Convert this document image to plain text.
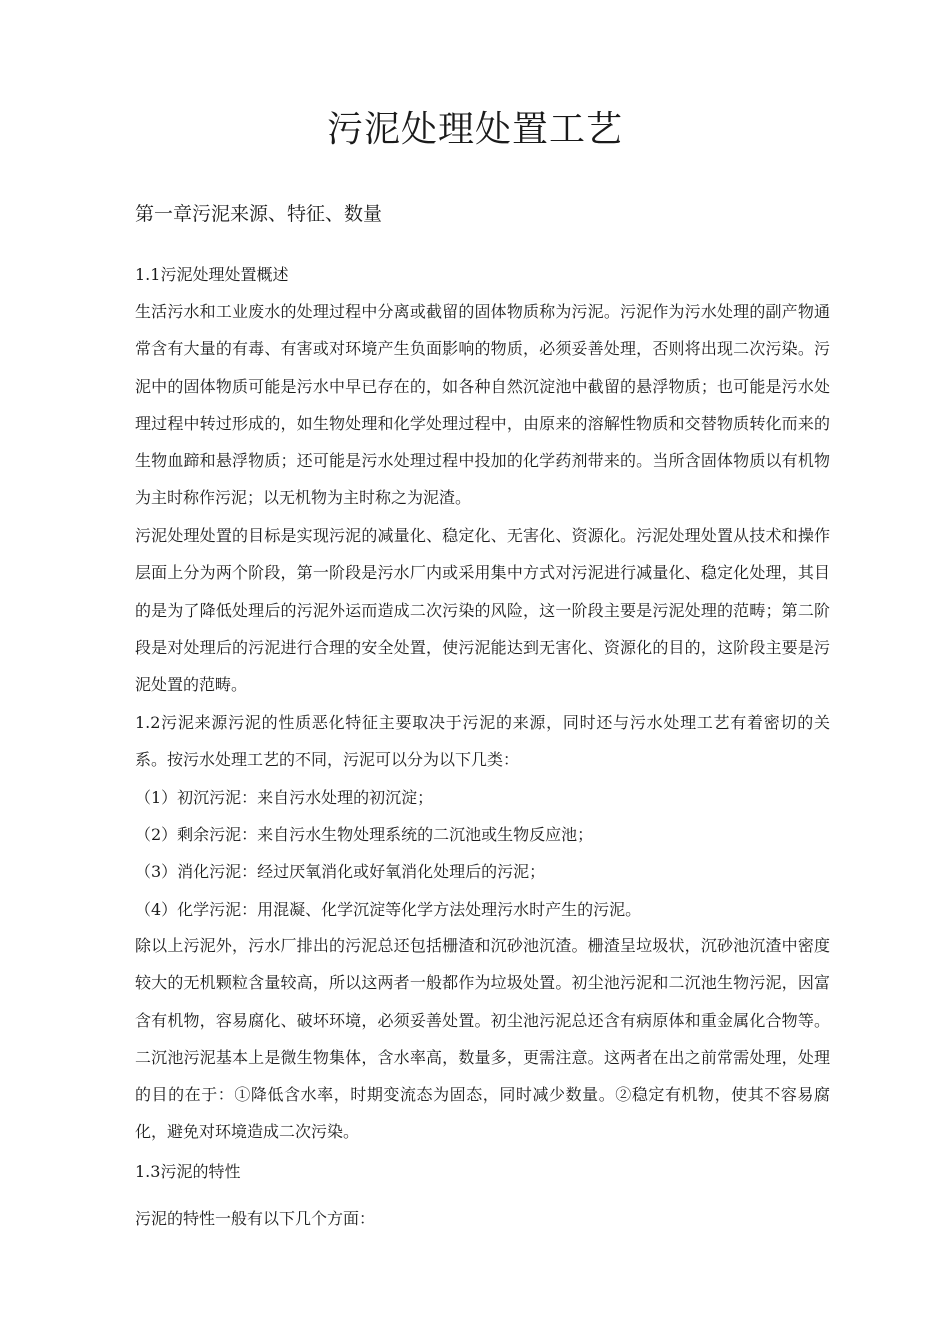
污泥处理处置工艺
第一章污泥来源、特征、数量
1.1污泥处理处置概述

生活污水和工业废水的处理过程中分离或截留的固体物质称为污泥。污泥作为污水处理的副产物通常含有大量的有毒、有害或对环境产生负面影响的物质，必须妥善处理，否则将出现二次污染。污泥中的固体物质可能是污水中早已存在的，如各种自然沉淀池中截留的悬浮物质；也可能是污水处理过程中转过形成的，如生物处理和化学处理过程中，由原来的溶解性物质和交替物质转化而来的生物血蹄和悬浮物质；还可能是污水处理过程中投加的化学药剂带来的。当所含固体物质以有机物为主时称作污泥；以无机物为主时称之为泥渣。

污泥处理处置的目标是实现污泥的减量化、稳定化、无害化、资源化。污泥处理处置从技术和操作层面上分为两个阶段，第一阶段是污水厂内或采用集中方式对污泥进行减量化、稳定化处理，其目的是为了降低处理后的污泥外运而造成二次污染的风险，这一阶段主要是污泥处理的范畴；第二阶段是对处理后的污泥进行合理的安全处置，使污泥能达到无害化、资源化的目的，这阶段主要是污泥处置的范畴。

1.2污泥来源污泥的性质恶化特征主要取决于污泥的来源，同时还与污水处理工艺有着密切的关系。按污水处理工艺的不同，污泥可以分为以下几类：

（1）初沉污泥：来自污水处理的初沉淀；

（2）剩余污泥：来自污水生物处理系统的二沉池或生物反应池；

（3）消化污泥：经过厌氧消化或好氧消化处理后的污泥；

（4）化学污泥：用混凝、化学沉淀等化学方法处理污水时产生的污泥。

除以上污泥外，污水厂排出的污泥总还包括栅渣和沉砂池沉渣。栅渣呈垃圾状，沉砂池沉渣中密度较大的无机颗粒含量较高，所以这两者一般都作为垃圾处置。初尘池污泥和二沉池生物污泥，因富含有机物，容易腐化、破坏环境，必须妥善处置。初尘池污泥总还含有病原体和重金属化合物等。二沉池污泥基本上是微生物集体，含水率高，数量多，更需注意。这两者在出之前常需处理，处理的目的在于：①降低含水率，时期变流态为固态，同时减少数量。②稳定有机物，使其不容易腐化，避免对环境造成二次污染。

1.3污泥的特性

污泥的特性一般有以下几个方面：
